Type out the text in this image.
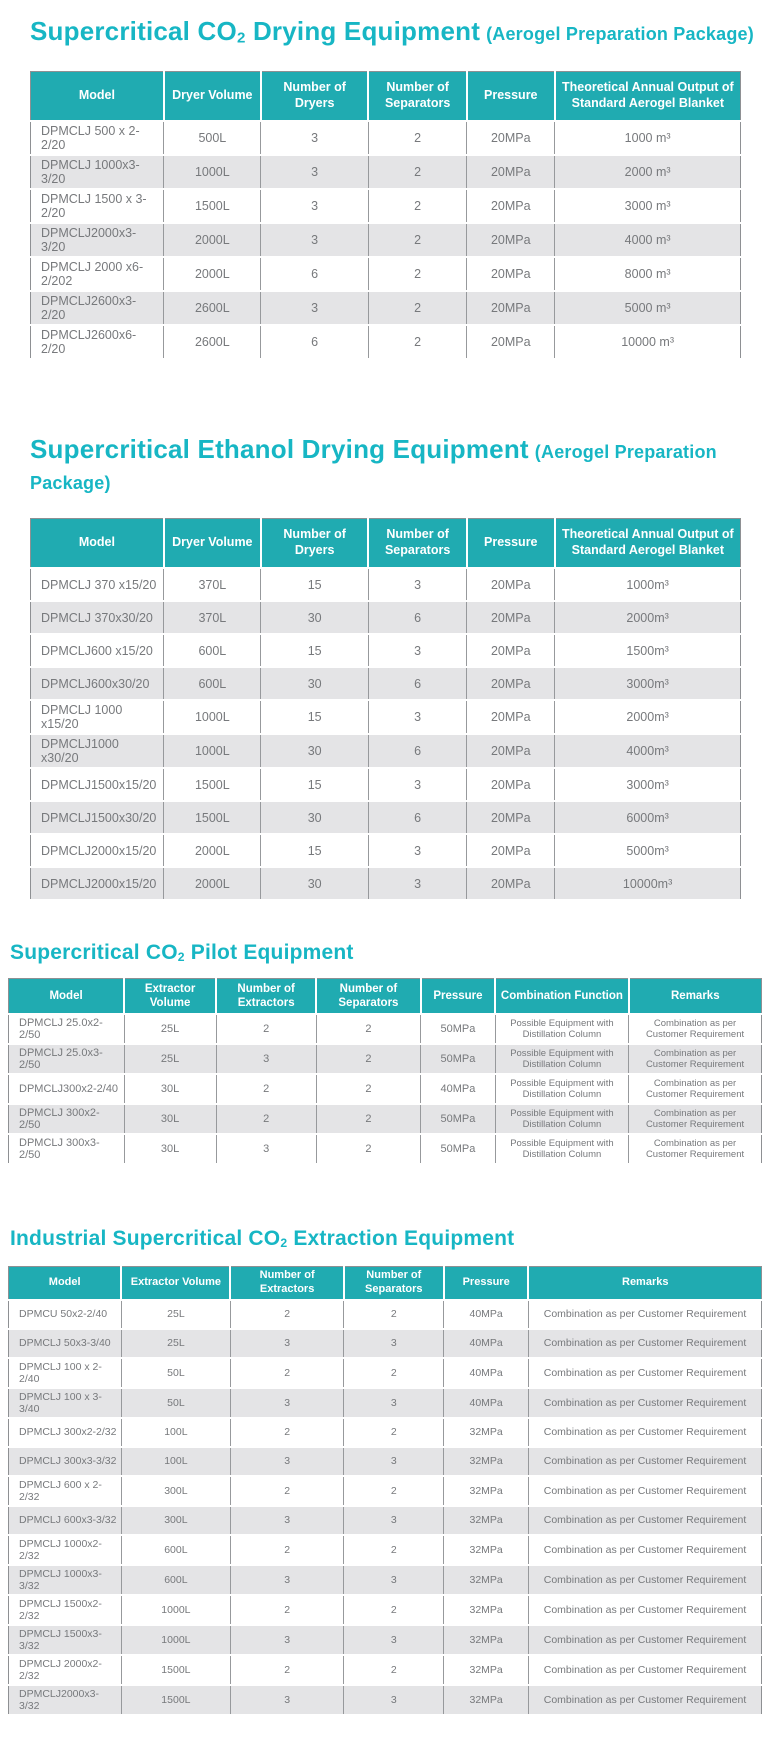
Supercritical CO2 Drying Equipment (Aerogel Preparation Package)
Model	Dryer Volume	Number of Dryers	Number of Separators	Pressure	Theoretical Annual Output of Standard Aerogel Blanket
DPMCLJ 500 x 2-2/20	500L	3	2	20MPa	1000 m³
DPMCLJ 1000x3-3/20	1000L	3	2	20MPa	2000 m³
DPMCLJ 1500 x 3-2/20	1500L	3	2	20MPa	3000 m³
DPMCLJ2000x3-3/20	2000L	3	2	20MPa	4000 m³
DPMCLJ 2000 x6-2/202	2000L	6	2	20MPa	8000 m³
DPMCLJ2600x3-2/20	2600L	3	2	20MPa	5000 m³
DPMCLJ2600x6-2/20	2600L	6	2	20MPa	10000 m³
Supercritical Ethanol Drying Equipment (Aerogel Preparation Package)
Model	Dryer Volume	Number of Dryers	Number of Separators	Pressure	Theoretical Annual Output of Standard Aerogel Blanket
DPMCLJ 370 x15/20	370L	15	3	20MPa	1000m³
DPMCLJ 370x30/20	370L	30	6	20MPa	2000m³
DPMCLJ600 x15/20	600L	15	3	20MPa	1500m³
DPMCLJ600x30/20	600L	30	6	20MPa	3000m³
DPMCLJ 1000 x15/20	1000L	15	3	20MPa	2000m³
DPMCLJ1000 x30/20	1000L	30	6	20MPa	4000m³
DPMCLJ1500x15/20	1500L	15	3	20MPa	3000m³
DPMCLJ1500x30/20	1500L	30	6	20MPa	6000m³
DPMCLJ2000x15/20	2000L	15	3	20MPa	5000m³
DPMCLJ2000x15/20	2000L	30	3	20MPa	10000m³
Supercritical CO2 Pilot Equipment
Model	Extractor Volume	Number of Extractors	Number of Separators	Pressure	Combination Function	Remarks
DPMCLJ 25.0x2-2/50	25L	2	2	50MPa	Possible Equipment with Distillation Column	Combination as per Customer Requirement
DPMCLJ 25.0x3-2/50	25L	3	2	50MPa	Possible Equipment with Distillation Column	Combination as per Customer Requirement
DPMCLJ300x2-2/40	30L	2	2	40MPa	Possible Equipment with Distillation Column	Combination as per Customer Requirement
DPMCLJ 300x2-2/50	30L	2	2	50MPa	Possible Equipment with Distillation Column	Combination as per Customer Requirement
DPMCLJ 300x3-2/50	30L	3	2	50MPa	Possible Equipment with Distillation Column	Combination as per Customer Requirement
Industrial Supercritical CO2 Extraction Equipment
Model	Extractor Volume	Number of Extractors	Number of Separators	Pressure	Remarks
DPMCU 50x2-2/40	25L	2	2	40MPa	Combination as per Customer Requirement
DPMCLJ 50x3-3/40	25L	3	3	40MPa	Combination as per Customer Requirement
DPMCLJ 100 x 2-2/40	50L	2	2	40MPa	Combination as per Customer Requirement
DPMCLJ 100 x 3-3/40	50L	3	3	40MPa	Combination as per Customer Requirement
DPMCLJ 300x2-2/32	100L	2	2	32MPa	Combination as per Customer Requirement
DPMCLJ 300x3-3/32	100L	3	3	32MPa	Combination as per Customer Requirement
DPMCLJ 600 x 2-2/32	300L	2	2	32MPa	Combination as per Customer Requirement
DPMCLJ 600x3-3/32	300L	3	3	32MPa	Combination as per Customer Requirement
DPMCLJ 1000x2-2/32	600L	2	2	32MPa	Combination as per Customer Requirement
DPMCLJ 1000x3-3/32	600L	3	3	32MPa	Combination as per Customer Requirement
DPMCLJ 1500x2-2/32	1000L	2	2	32MPa	Combination as per Customer Requirement
DPMCLJ 1500x3-3/32	1000L	3	3	32MPa	Combination as per Customer Requirement
DPMCLJ 2000x2-2/32	1500L	2	2	32MPa	Combination as per Customer Requirement
DPMCLJ2000x3-3/32	1500L	3	3	32MPa	Combination as per Customer Requirement
